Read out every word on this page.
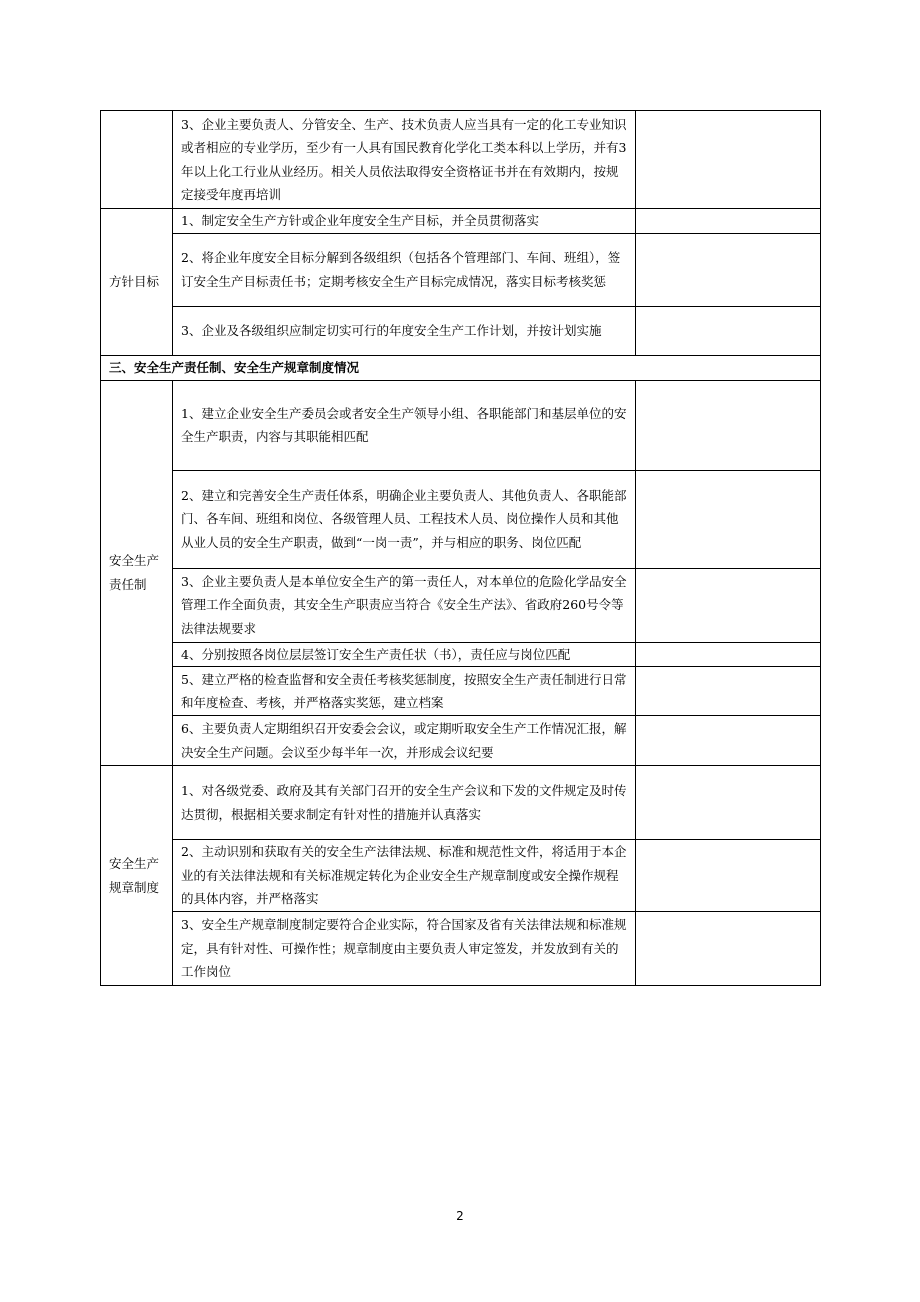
	3、企业主要负责人、分管安全、生产、技术负责人应当具有一定的化工专业知识或者相应的专业学历，至少有一人具有国民教育化学化工类本科以上学历，并有3年以上化工行业从业经历。相关人员依法取得安全资格证书并在有效期内，按规定接受年度再培训	
方针目标	1、制定安全生产方针或企业年度安全生产目标，并全员贯彻落实	
	2、将企业年度安全目标分解到各级组织（包括各个管理部门、车间、班组），签订安全生产目标责任书；定期考核安全生产目标完成情况，落实目标考核奖惩	
	3、企业及各级组织应制定切实可行的年度安全生产工作计划，并按计划实施	
三、安全生产责任制、安全生产规章制度情况		
安全生产责任制	1、建立企业安全生产委员会或者安全生产领导小组、各职能部门和基层单位的安全生产职责，内容与其职能相匹配	
	2、建立和完善安全生产责任体系，明确企业主要负责人、其他负责人、各职能部门、各车间、班组和岗位、各级管理人员、工程技术人员、岗位操作人员和其他从业人员的安全生产职责，做到“一岗一责”，并与相应的职务、岗位匹配	
	3、企业主要负责人是本单位安全生产的第一责任人，对本单位的危险化学品安全管理工作全面负责，其安全生产职责应当符合《安全生产法》、省政府260号令等法律法规要求	
	4、分别按照各岗位层层签订安全生产责任状（书），责任应与岗位匹配	
	5、建立严格的检查监督和安全责任考核奖惩制度，按照安全生产责任制进行日常和年度检查、考核，并严格落实奖惩，建立档案	
	6、主要负责人定期组织召开安委会会议，或定期听取安全生产工作情况汇报，解决安全生产问题。会议至少每半年一次，并形成会议纪要	
安全生产规章制度	1、对各级党委、政府及其有关部门召开的安全生产会议和下发的文件规定及时传达贯彻，根据相关要求制定有针对性的措施并认真落实	
	2、主动识别和获取有关的安全生产法律法规、标准和规范性文件，将适用于本企业的有关法律法规和有关标准规定转化为企业安全生产规章制度或安全操作规程的具体内容，并严格落实	
	3、安全生产规章制度制定要符合企业实际，符合国家及省有关法律法规和标准规定，具有针对性、可操作性；规章制度由主要负责人审定签发，并发放到有关的工作岗位	
2
